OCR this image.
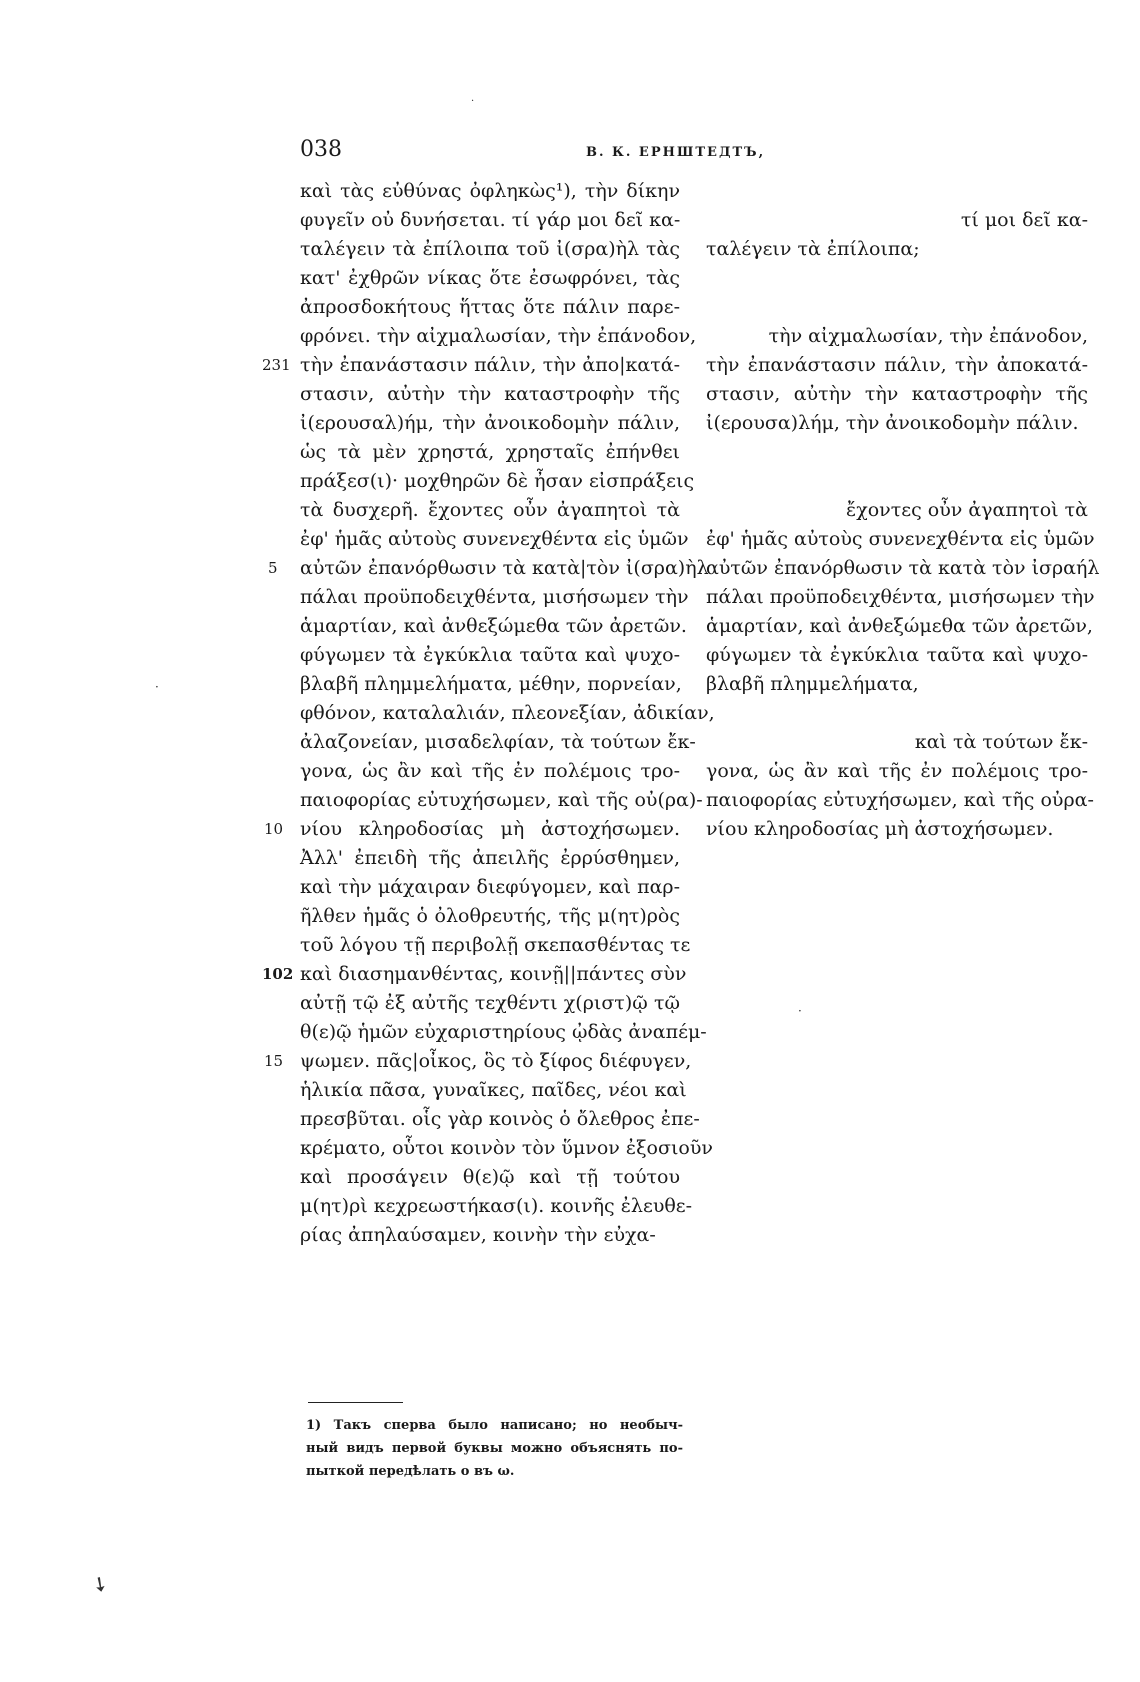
038	В. К. ЕРНШТЕДТЪ,
καὶ τὰς εὐθύνας ὀφληκὼς¹), τὴν δίκην
φυγεῖν οὐ δυνήσεται. τί γάρ μοι δεῖ κα-
ταλέγειν τὰ ἐπίλοιπα τοῦ ἰ(σρα)ὴλ τὰς
κατ' ἐχθρῶν νίκας ὅτε ἐσωφρόνει, τὰς
ἀπροσδοκήτους ἥττας ὅτε πάλιν παρε-
φρόνει. τὴν αἰχμαλωσίαν, τὴν ἐπάνοδον,
τὴν ἐπανάστασιν πάλιν, τὴν ἀπο|κατά-
στασιν, αὐτὴν τὴν καταστροφὴν τῆς
ἰ(ερουσαλ)ήμ, τὴν ἀνοικοδομὴν πάλιν,
ὡς τὰ μὲν χρηστά, χρησταῖς ἐπήνθει
πράξεσ(ι)· μοχθηρῶν δὲ ἦσαν εἰσπράξεις
τὰ δυσχερῆ. ἔχοντες οὖν ἀγαπητοὶ τὰ
ἐφ' ἡμᾶς αὐτοὺς συνενεχθέντα εἰς ὑμῶν
αὐτῶν ἐπανόρθωσιν τὰ κατὰ|τὸν ἰ(σρα)ὴλ
πάλαι προϋποδειχθέντα, μισήσωμεν τὴν
ἁμαρτίαν, καὶ ἀνθεξώμεθα τῶν ἀρετῶν.
φύγωμεν τὰ ἐγκύκλια ταῦτα καὶ ψυχο-
βλαβῆ πλημμελήματα, μέθην, πορνείαν,
φθόνον, καταλαλιάν, πλεονεξίαν, ἀδικίαν,
ἀλαζονείαν, μισαδελφίαν, τὰ τούτων ἔκ-
γονα, ὡς ἂν καὶ τῆς ἐν πολέμοις τρο-
παιοφορίας εὐτυχήσωμεν, καὶ τῆς οὐ(ρα)-
νίου κληροδοσίας μὴ ἀστοχήσωμεν.
Ἀλλ' ἐπειδὴ τῆς ἀπειλῆς ἐρρύσθημεν,
καὶ τὴν μάχαιραν διεφύγομεν, καὶ παρ-
ῆλθεν ἡμᾶς ὁ ὀλοθρευτής, τῆς μ(ητ)ρὸς
τοῦ λόγου τῇ περιβολῇ σκεπασθέντας τε
καὶ διασημανθέντας, κοινῇ||πάντες σὺν
αὐτῇ τῷ ἐξ αὐτῆς τεχθέντι χ(ριστ)ῷ τῷ
θ(ε)ῷ ἡμῶν εὐχαριστηρίους ᾠδὰς ἀναπέμ-
ψωμεν. πᾶς|οἶκος, ὃς τὸ ξίφος διέφυγεν,
ἡλικία πᾶσα, γυναῖκες, παῖδες, νέοι καὶ
πρεσβῦται. οἷς γὰρ κοινὸς ὁ ὄλεθρος ἐπε-
κρέματο, οὗτοι κοινὸν τὸν ὕμνον ἐξοσιοῦν
καὶ προσάγειν θ(ε)ῷ καὶ τῇ τούτου
μ(ητ)ρὶ κεχρεωστήκασ(ι). κοινῆς ἐλευθε-
ρίας ἀπηλαύσαμεν, κοινὴν τὴν εὐχα-
τί μοι δεῖ κα-
ταλέγειν τὰ ἐπίλοιπα;
τὴν αἰχμαλωσίαν, τὴν ἐπάνοδον,
τὴν ἐπανάστασιν πάλιν, τὴν ἀποκατά-
στασιν, αὐτὴν τὴν καταστροφὴν τῆς
ἰ(ερουσα)λήμ, τὴν ἀνοικοδομὴν πάλιν.
ἔχοντες οὖν ἀγαπητοὶ τὰ
ἐφ' ἡμᾶς αὐτοὺς συνενεχθέντα εἰς ὑμῶν
αὐτῶν ἐπανόρθωσιν τὰ κατὰ τὸν ἰσραήλ
πάλαι προϋποδειχθέντα, μισήσωμεν τὴν
ἁμαρτίαν, καὶ ἀνθεξώμεθα τῶν ἀρετῶν,
φύγωμεν τὰ ἐγκύκλια ταῦτα καὶ ψυχο-
βλαβῆ πλημμελήματα,
καὶ τὰ τούτων ἔκ-
γονα, ὡς ἂν καὶ τῆς ἐν πολέμοις τρο-
παιοφορίας εὐτυχήσωμεν, καὶ τῆς οὐρα-
νίου κληροδοσίας μὴ ἀστοχήσωμεν.
231
5
10
102
15
1) Такъ сперва было написано; но необыч-
ный видъ первой буквы можно объяснять по-
пыткой передѣлать о въ ω.
·
·
·
➘
